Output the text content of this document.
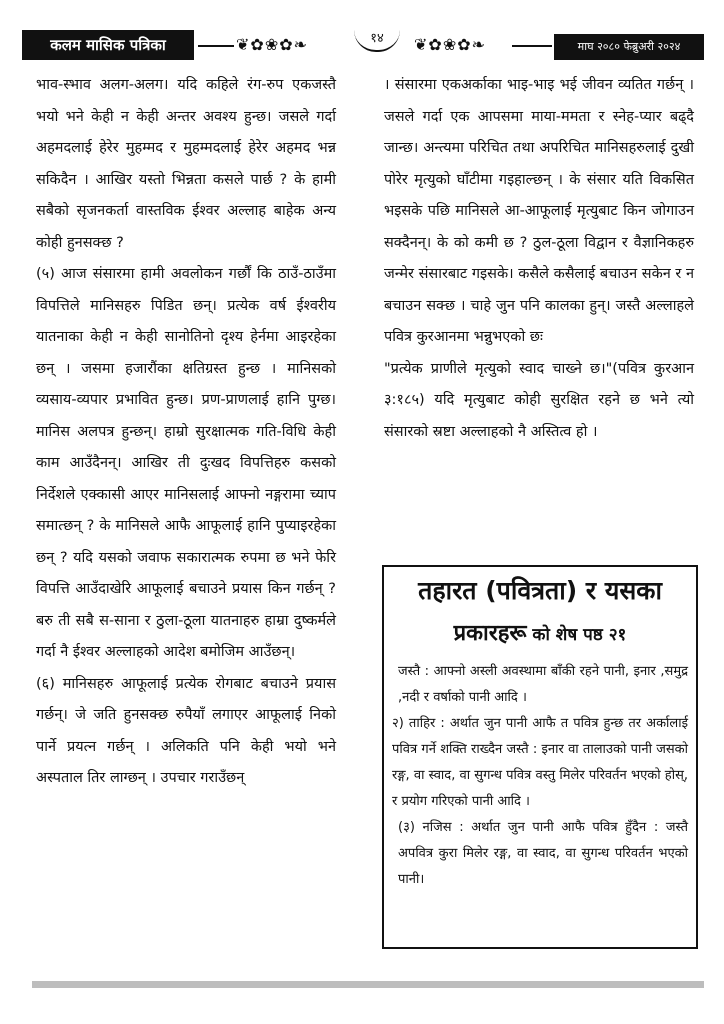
कलम मासिक पत्रिका	❦✿❀✿❧	१४	❦✿❀✿❧	माघ २०८० फेब्रुअरी २०२४

भाव-स्भाव अलग-अलग। यदि कहिले रंग-रुप एकजस्तै भयो भने केही न केही अन्तर अवश्य हुन्छ। जसले गर्दा अहमदलाई हेरेर मुहम्मद र मुहम्मदलाई हेरेर अहमद भन्न सकिदैन । आखिर यस्तो भिन्नता कसले पार्छ ? के हामी सबैको सृजनकर्ता वास्तविक ईश्वर अल्लाह बाहेक अन्य कोही हुनसक्छ ?

(५) आज संसारमा हामी अवलोकन गर्छौं कि ठाउँ-ठाउँमा विपत्तिले मानिसहरु पिडित छन्। प्रत्येक वर्ष ईश्वरीय यातनाका केही न केही सानोतिनो दृश्य हेर्नमा आइरहेका छन् । जसमा हजारौंका क्षतिग्रस्त हुन्छ । मानिसको व्यसाय-व्यपार प्रभावित हुन्छ। प्रण-प्राणलाई हानि पुग्छ। मानिस अलपत्र हुन्छन्। हाम्रो सुरक्षात्मक गति-विधि केही काम आउँदैनन्। आखिर ती दुःखद विपत्तिहरु कसको निर्देशले एक्कासी आएर मानिसलाई आफ्नो नङ्गरामा च्याप समात्छन् ? के मानिसले आफै आफूलाई हानि पुप्याइरहेका छन् ? यदि यसको जवाफ सकारात्मक रुपमा छ भने फेरि विपत्ति आउँदाखेरि आफूलाई बचाउने प्रयास किन गर्छन् ? बरु ती सबै स-साना र ठुला-ठूला यातनाहरु हाम्रा दुष्कर्मले गर्दा नै ईश्वर अल्लाहको आदेश बमोजिम आउँछन्।

(६) मानिसहरु आफूलाई प्रत्येक रोगबाट बचाउने प्रयास गर्छन्। जे जति हुनसक्छ रुपैयाँ लगाएर आफूलाई निको पार्ने प्रयत्न गर्छन् । अलिकति पनि केही भयो भने अस्पताल तिर लाग्छन् । उपचार गराउँछन्

। संसारमा एकअर्काका भाइ-भाइ भई जीवन व्यतित गर्छन् । जसले गर्दा एक आपसमा माया-ममता र स्नेह-प्यार बढ्दै जान्छ। अन्त्यमा परिचित तथा अपरिचित मानिसहरुलाई दुखी पोरेर मृत्युको घाँटीमा गइहाल्छन् । के संसार यति विकसित भइसके पछि मानिसले आ-आफूलाई मृत्युबाट किन जोगाउन सक्दैनन्। के को कमी छ ? ठुल-ठूला विद्वान र वैज्ञानिकहरु जन्मेर संसारबाट गइसके। कसैले कसैलाई बचाउन सकेन र न बचाउन सक्छ । चाहे जुन पनि कालका हुन्। जस्तै अल्लाहले पवित्र कुरआनमा भन्नुभएको छः

"प्रत्येक प्राणीले मृत्युको स्वाद चाख्ने छ।"(पवित्र कुरआन ३:१८५) यदि मृत्युबाट कोही सुरक्षित रहने छ भने त्यो संसारको स्रष्टा अल्लाहको नै अस्तित्व हो ।

तहारत (पवित्रता) र यसका
प्रकारहरू को शेष पष्ठ २१

जस्तै : आफ्नो अस्ली अवस्थामा बाँकी रहने पानी, इनार ,समुद्र ,नदी र वर्षाको पानी आदि ।

२) ताहिर : अर्थात जुन पानी आफै त पवित्र हुन्छ तर अर्कालाई पवित्र गर्ने शक्ति राख्दैन जस्तै : इनार वा तालाउको पानी जसको रङ्ग, वा स्वाद, वा सुगन्ध पवित्र वस्तु मिलेर परिवर्तन भएको होस्, र प्रयोग गरिएको पानी आदि ।

(३) नजिस : अर्थात जुन पानी आफै पवित्र हुँदैन : जस्तै अपवित्र कुरा मिलेर रङ्ग, वा स्वाद, वा सुगन्ध परिवर्तन भएको पानी।
